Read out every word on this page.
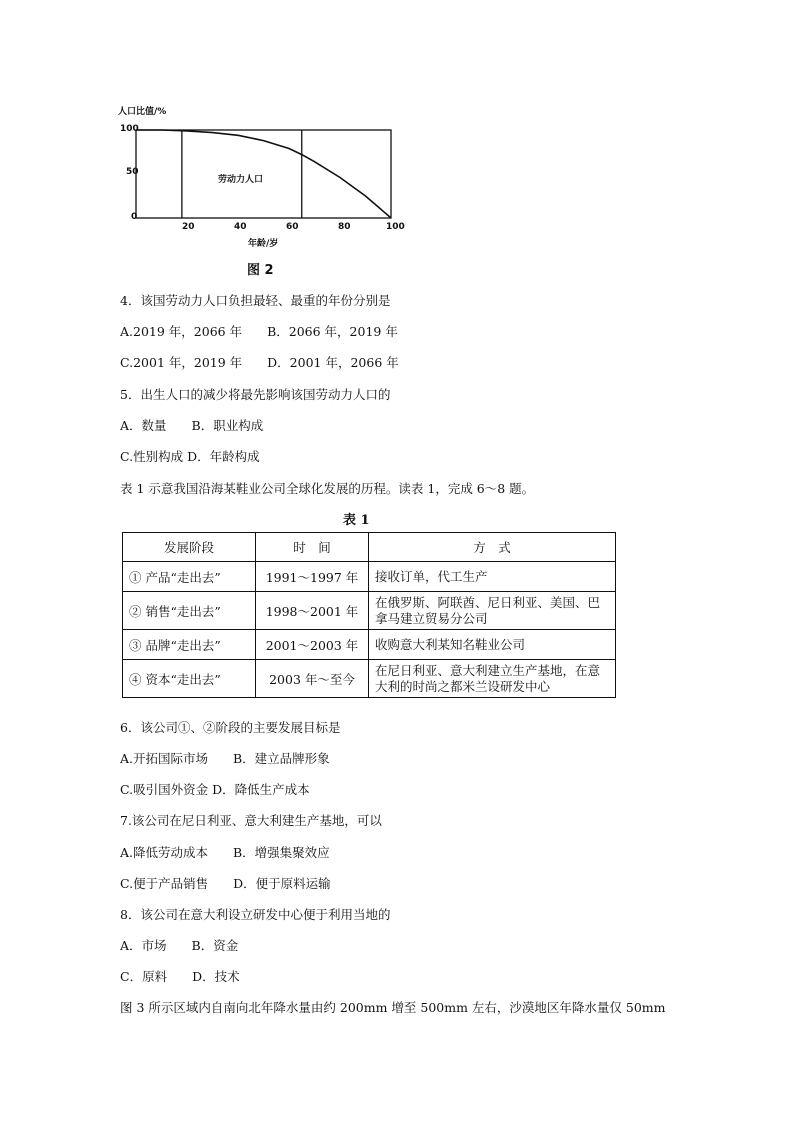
人口比值/%
100
50
0
劳动力人口
20	40	60	80	100
年龄/岁
图 2
4．该国劳动力人口负担最轻、最重的年份分别是
A.2019 年，2066 年　　B．2066 年，2019 年
C.2001 年，2019 年　　D．2001 年，2066 年
5．出生人口的减少将最先影响该国劳动力人口的
A．数量　　B．职业构成
C.性别构成 D．年龄构成
表 1 示意我国沿海某鞋业公司全球化发展的历程。读表 1，完成 6～8 题。
表 1
发展阶段	时　间	方　式
① 产品“走出去”	1991～1997 年	接收订单，代工生产
② 销售“走出去”	1998～2001 年	在俄罗斯、阿联酋、尼日利亚、美国、巴拿马建立贸易分公司
③ 品牌“走出去”	2001～2003 年	收购意大利某知名鞋业公司
④ 资本“走出去”	2003 年～至今	在尼日利亚、意大利建立生产基地，在意大利的时尚之都米兰设研发中心
6．该公司①、②阶段的主要发展目标是
A.开拓国际市场　　B．建立品牌形象
C.吸引国外资金 D．降低生产成本
7.该公司在尼日利亚、意大利建生产基地，可以
A.降低劳动成本　　B．增强集聚效应
C.便于产品销售　　D．便于原料运输
8．该公司在意大利设立研发中心便于利用当地的
A．市场　　B．资金
C．原料　　D．技术
图 3 所示区域内自南向北年降水量由约 200mm 增至 500mm 左右，沙漠地区年降水量仅 50mm
